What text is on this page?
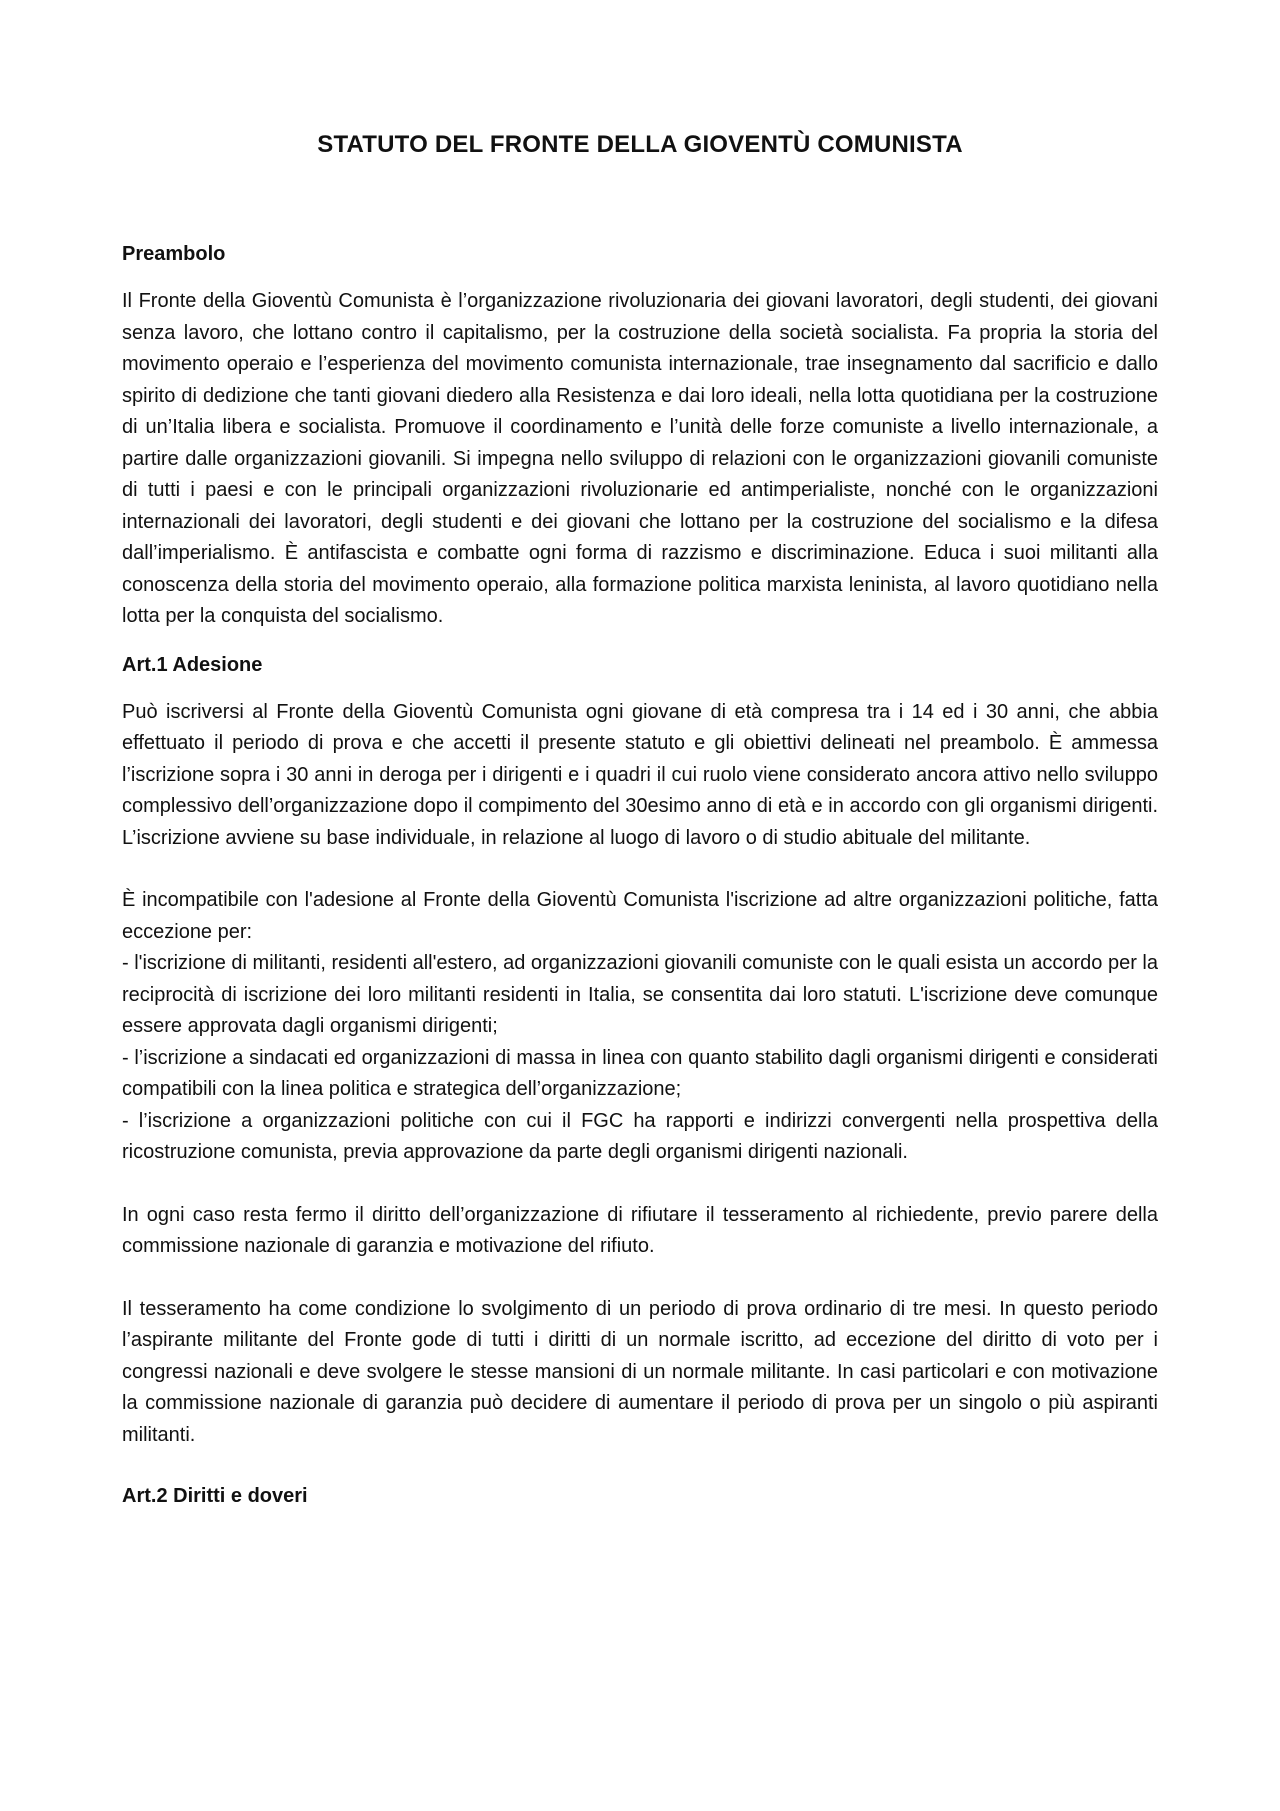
STATUTO DEL FRONTE DELLA GIOVENTÙ COMUNISTA
Preambolo

Il Fronte della Gioventù Comunista è l’organizzazione rivoluzionaria dei giovani lavoratori, degli studenti, dei giovani senza lavoro, che lottano contro il capitalismo, per la costruzione della società socialista. Fa propria la storia del movimento operaio e l’esperienza del movimento comunista internazionale, trae insegnamento dal sacrificio e dallo spirito di dedizione che tanti giovani diedero alla Resistenza e dai loro ideali, nella lotta quotidiana per la costruzione di un’Italia libera e socialista. Promuove il coordinamento e l’unità delle forze comuniste a livello internazionale, a partire dalle organizzazioni giovanili. Si impegna nello sviluppo di relazioni con le organizzazioni giovanili comuniste di tutti i paesi e con le principali organizzazioni rivoluzionarie ed antimperialiste, nonché con le organizzazioni internazionali dei lavoratori, degli studenti e dei giovani che lottano per la costruzione del socialismo e la difesa dall’imperialismo. È antifascista e combatte ogni forma di razzismo e discriminazione. Educa i suoi militanti alla conoscenza della storia del movimento operaio, alla formazione politica marxista leninista, al lavoro quotidiano nella lotta per la conquista del socialismo.

Art.1 Adesione

Può iscriversi al Fronte della Gioventù Comunista ogni giovane di età compresa tra i 14 ed i 30 anni, che abbia effettuato il periodo di prova e che accetti il presente statuto e gli obiettivi delineati nel preambolo. È ammessa l’iscrizione sopra i 30 anni in deroga per i dirigenti e i quadri il cui ruolo viene considerato ancora attivo nello sviluppo complessivo dell’organizzazione dopo il compimento del 30esimo anno di età e in accordo con gli organismi dirigenti. L’iscrizione avviene su base individuale, in relazione al luogo di lavoro o di studio abituale del militante.

È incompatibile con l'adesione al Fronte della Gioventù Comunista l'iscrizione ad altre organizzazioni politiche, fatta eccezione per:

- l'iscrizione di militanti, residenti all'estero, ad organizzazioni giovanili comuniste con le quali esista un accordo per la reciprocità di iscrizione dei loro militanti residenti in Italia, se consentita dai loro statuti. L'iscrizione deve comunque essere approvata dagli organismi dirigenti;

- l’iscrizione a sindacati ed organizzazioni di massa in linea con quanto stabilito dagli organismi dirigenti e considerati compatibili con la linea politica e strategica dell’organizzazione;

- l’iscrizione a organizzazioni politiche con cui il FGC ha rapporti e indirizzi convergenti nella prospettiva della ricostruzione comunista, previa approvazione da parte degli organismi dirigenti nazionali.

In ogni caso resta fermo il diritto dell’organizzazione di rifiutare il tesseramento al richiedente, previo parere della commissione nazionale di garanzia e motivazione del rifiuto.

Il tesseramento ha come condizione lo svolgimento di un periodo di prova ordinario di tre mesi. In questo periodo l’aspirante militante del Fronte gode di tutti i diritti di un normale iscritto, ad eccezione del diritto di voto per i congressi nazionali e deve svolgere le stesse mansioni di un normale militante. In casi particolari e con motivazione la commissione nazionale di garanzia può decidere di aumentare il periodo di prova per un singolo o più aspiranti militanti.

Art.2 Diritti e doveri
